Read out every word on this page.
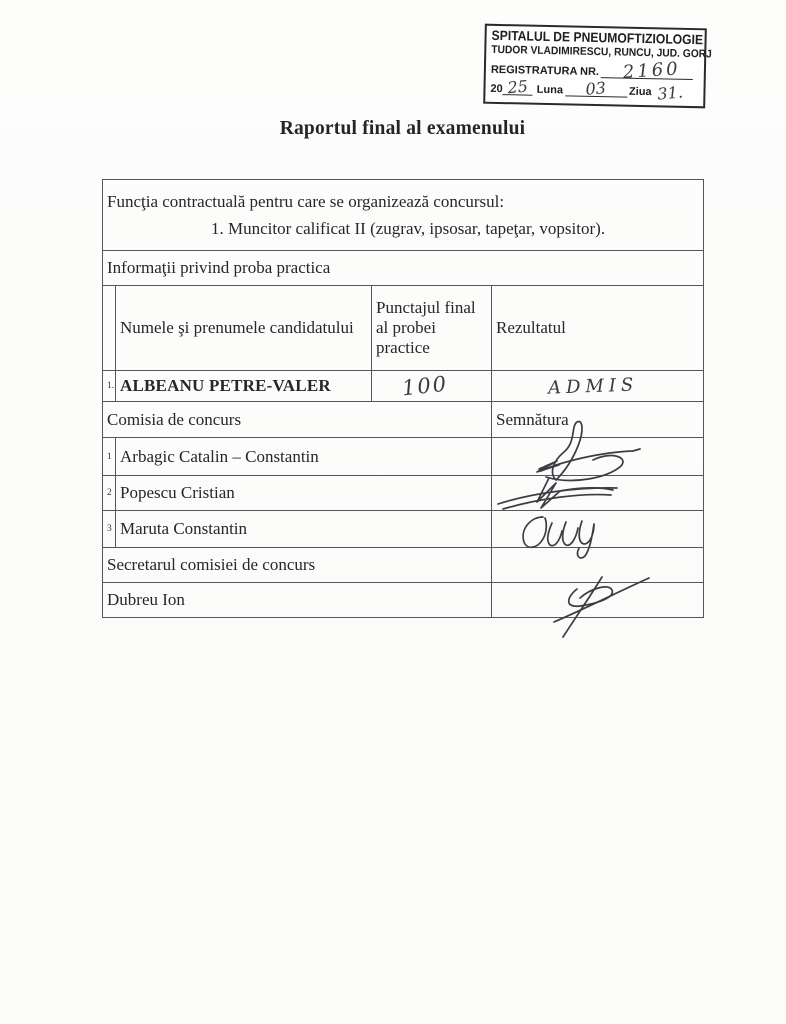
SPITALUL DE PNEUMOFTIZIOLOGIE
TUDOR VLADIMIRESCU, RUNCU, JUD. GORJ
REGISTRATURA NR.	2160
20 25 Luna	03	Ziua 31.
Raportul final al examenului
Funcţia contractuală pentru care se organizează concursul:
1. Muncitor calificat II (zugrav, ipsosar, tapeţar, vopsitor).			

Informaţii privind proba practica			
	Numele şi prenumele candidatului	Punctajul final al probei practice	Rezultatul
1.	ALBEANU PETRE-VALER	100	ADMIS
Comisia de concurs			Semnătura
1	Arbagic Catalin – Constantin		
2	Popescu Cristian		
3	Maruta Constantin		
Secretarul comisiei de concurs			
Dubreu Ion			
